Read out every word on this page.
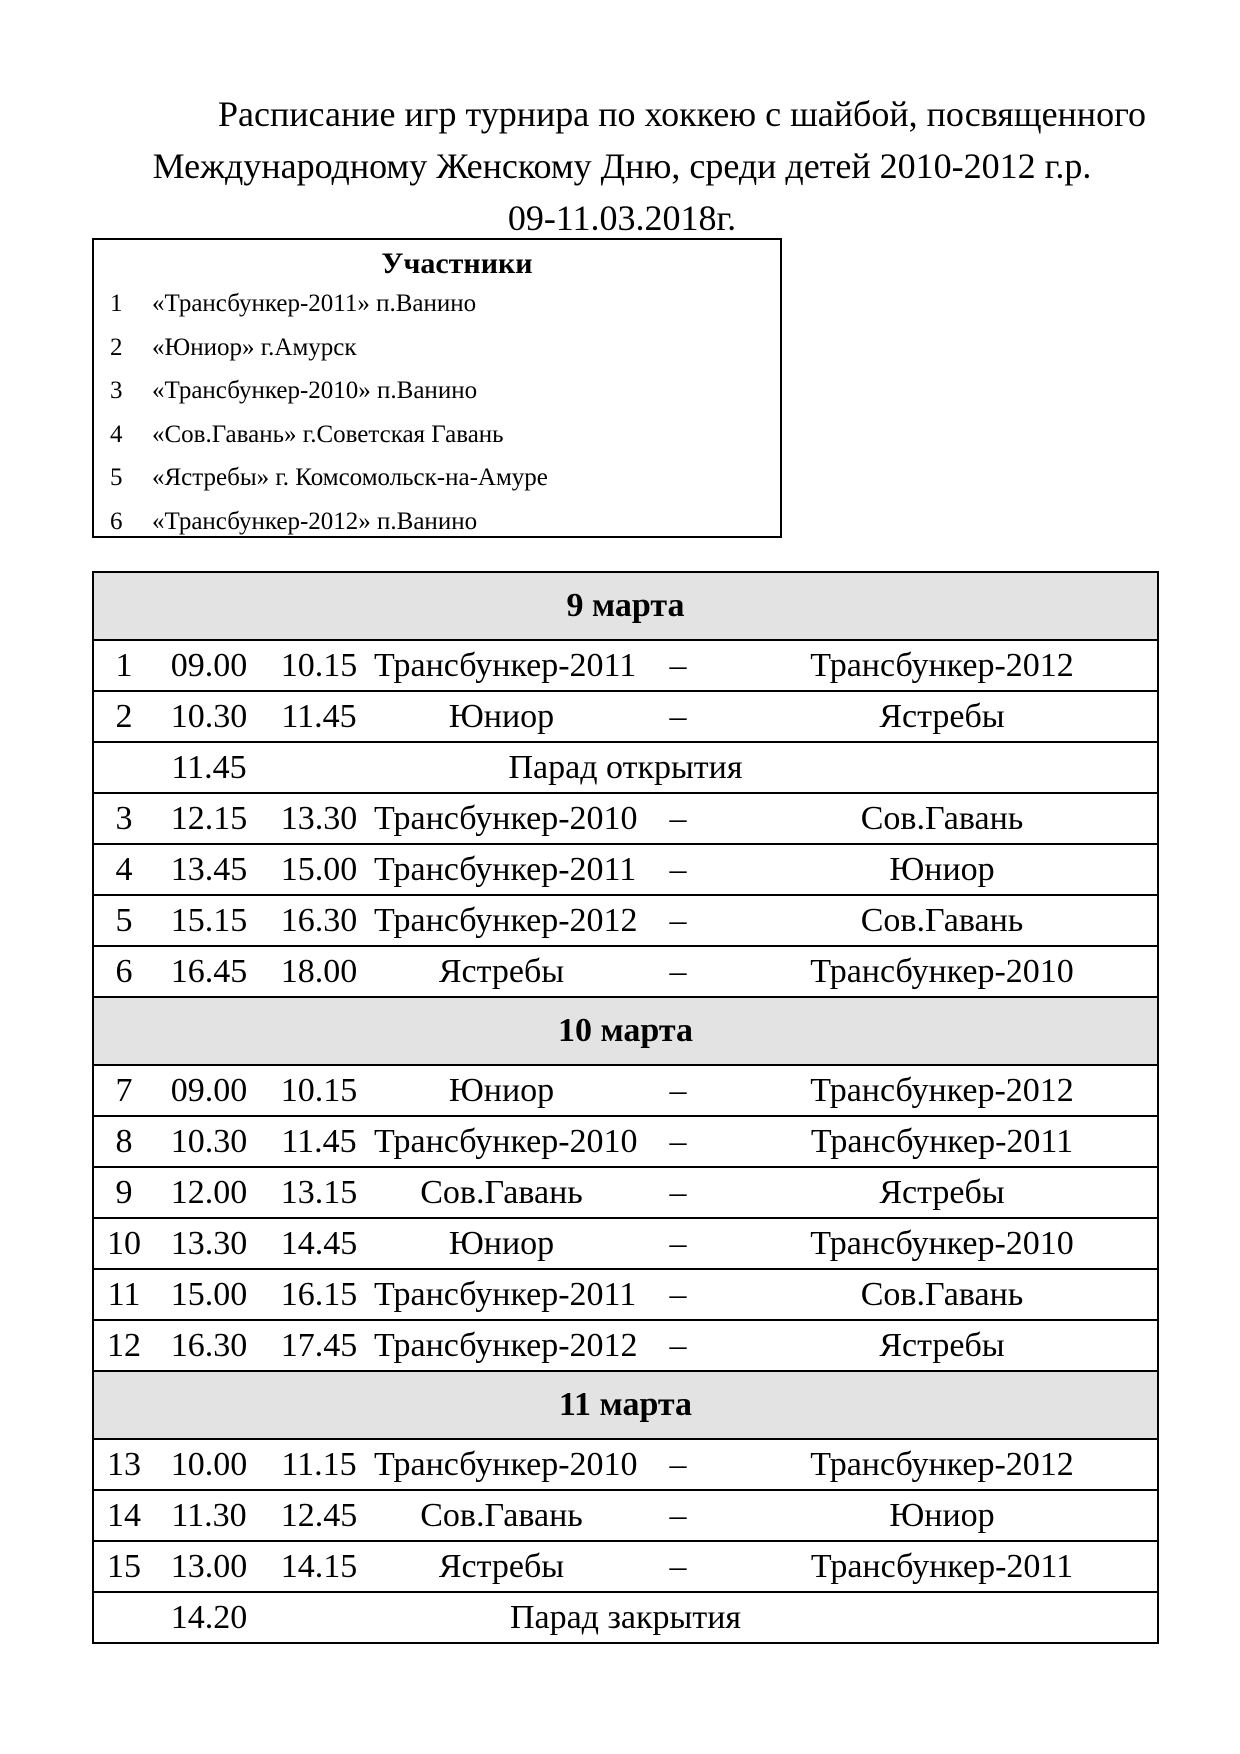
Расписание игр турнира по хоккею с шайбой, посвященного
Международному Женскому Дню, среди детей 2010-2012 г.р.
09-11.03.2018г.
Участники
1 «Трансбункер-2011» п.Ванино
2 «Юниор» г.Амурск
3 «Трансбункер-2010» п.Ванино
4 «Сов.Гавань» г.Советская Гавань
5 «Ястребы» г. Комсомольск-на-Амуре
6 «Трансбункер-2012» п.Ванино
9 марта

1	09.00 10.15 Трансбункер-2011 –	Трансбункер-2012

2	10.30	11.45	Юниор	–	Ястребы

11.45	Парад открытия

3	12.15 13.30 Трансбункер-2010 –	Сов.Гавань

4	13.45 15.00 Трансбункер-2011 –	Юниор

5	15.15 16.30 Трансбункер-2012 –	Сов.Гавань

6	16.45 18.00	Ястребы	–	Трансбункер-2010

10 марта

7	09.00 10.15	Юниор	–	Трансбункер-2012

8	10.30	11.45 Трансбункер-2010 –	Трансбункер-2011

9	12.00 13.15	Сов.Гавань	–	Ястребы

10 13.30 14.45	Юниор	–	Трансбункер-2010

11 15.00 16.15 Трансбункер-2011 –	Сов.Гавань

12 16.30 17.45 Трансбункер-2012 –	Ястребы

11 марта

13 10.00	11.15 Трансбункер-2010 –	Трансбункер-2012

14 11.30	12.45	Сов.Гавань	–	Юниор

15 13.00 14.15	Ястребы	–	Трансбункер-2011

14.20	Парад закрытия
